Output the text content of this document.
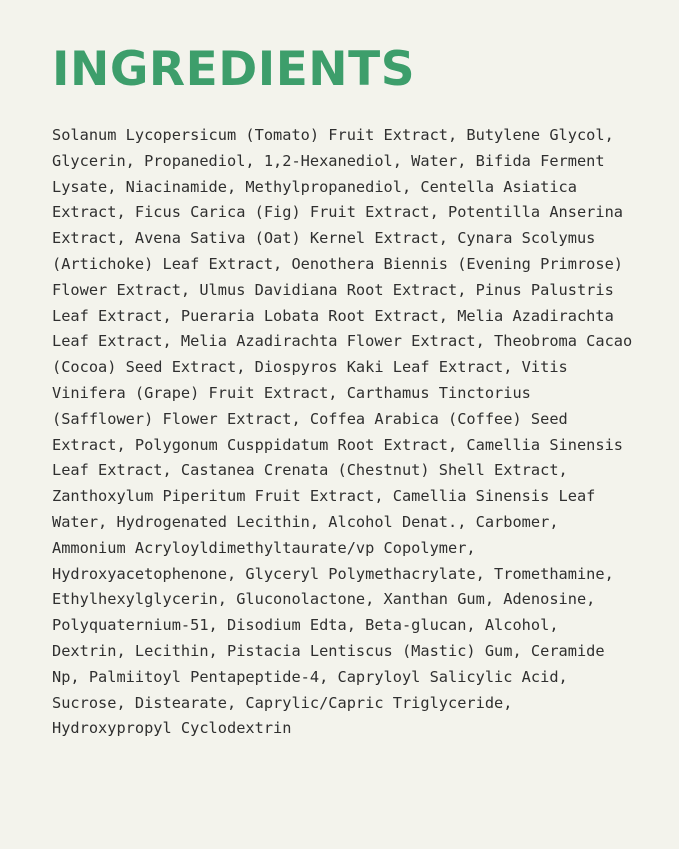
INGREDIENTS
Solanum Lycopersicum (Tomato) Fruit Extract, Butylene Glycol, Glycerin, Propanediol, 1,2-Hexanediol, Water, Bifida Ferment Lysate, Niacinamide, Methylpropanediol, Centella Asiatica Extract, Ficus Carica (Fig) Fruit Extract, Potentilla Anserina Extract, Avena Sativa (Oat) Kernel Extract, Cynara Scolymus (Artichoke) Leaf Extract, Oenothera Biennis (Evening Primrose) Flower Extract, Ulmus Davidiana Root Extract, Pinus Palustris Leaf Extract, Pueraria Lobata Root Extract, Melia Azadirachta Leaf Extract, Melia Azadirachta Flower Extract, Theobroma Cacao (Cocoa) Seed Extract, Diospyros Kaki Leaf Extract, Vitis Vinifera (Grape) Fruit Extract, Carthamus Tinctorius (Safflower) Flower Extract, Coffea Arabica (Coffee) Seed Extract, Polygonum Cusppidatum Root Extract, Camellia Sinensis Leaf Extract, Castanea Crenata (Chestnut) Shell Extract, Zanthoxylum Piperitum Fruit Extract, Camellia Sinensis Leaf Water, Hydrogenated Lecithin, Alcohol Denat., Carbomer, Ammonium Acryloyldimethyltaurate/vp Copolymer, Hydroxyacetophenone, Glyceryl Polymethacrylate, Tromethamine, Ethylhexylglycerin, Gluconolactone, Xanthan Gum, Adenosine, Polyquaternium-51, Disodium Edta, Beta-glucan, Alcohol, Dextrin, Lecithin, Pistacia Lentiscus (Mastic) Gum, Ceramide Np, Palmiitoyl Pentapeptide-4, Capryloyl Salicylic Acid, Sucrose, Distearate, Caprylic/Capric Triglyceride, Hydroxypropyl Cyclodextrin
